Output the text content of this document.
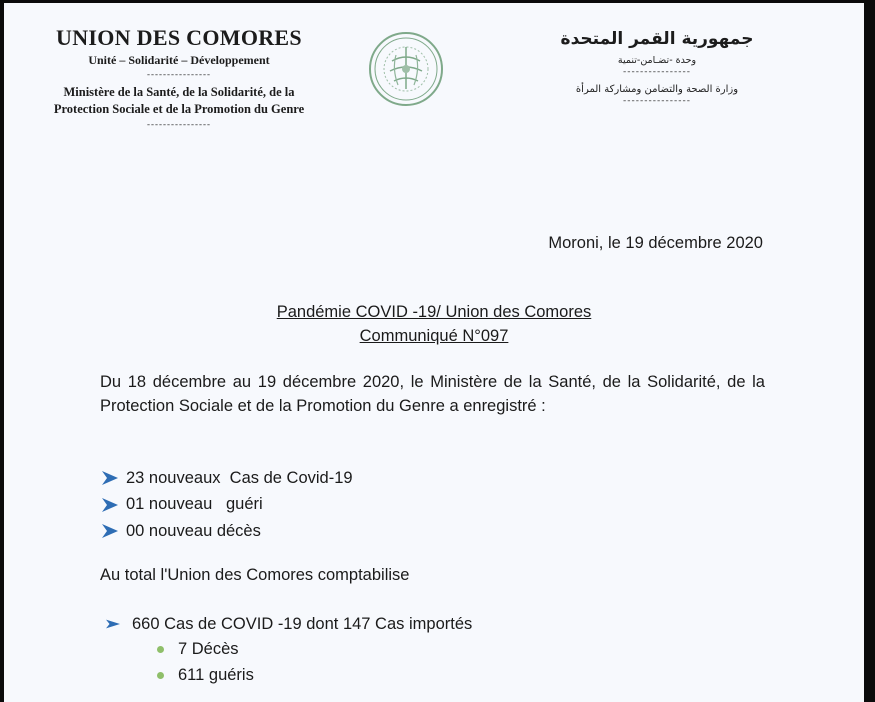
UNION DES COMORES
Unité – Solidarité – Développement
----------------
Ministère de la Santé, de la Solidarité, de la
Protection Sociale et de la Promotion du Genre
----------------
جمهورية القمر المتحدة
وحدة -تضـامن-تنمية
----------------
وزارة الصحة والتضامن ومشاركة المرأة
----------------
Moroni, le 19 décembre 2020
Pandémie COVID -19/ Union des Comores
Communiqué N°097
Du 18 décembre au 19 décembre 2020, le Ministère de la Santé, de la Solidarité, de la Protection Sociale et de la Promotion du Genre a enregistré :
23 nouveaux  Cas de Covid-19
01 nouveau   guéri
00 nouveau décès
Au total l'Union des Comores comptabilise
660 Cas de COVID -19 dont 147 Cas importés
7 Décès
611 guéris
